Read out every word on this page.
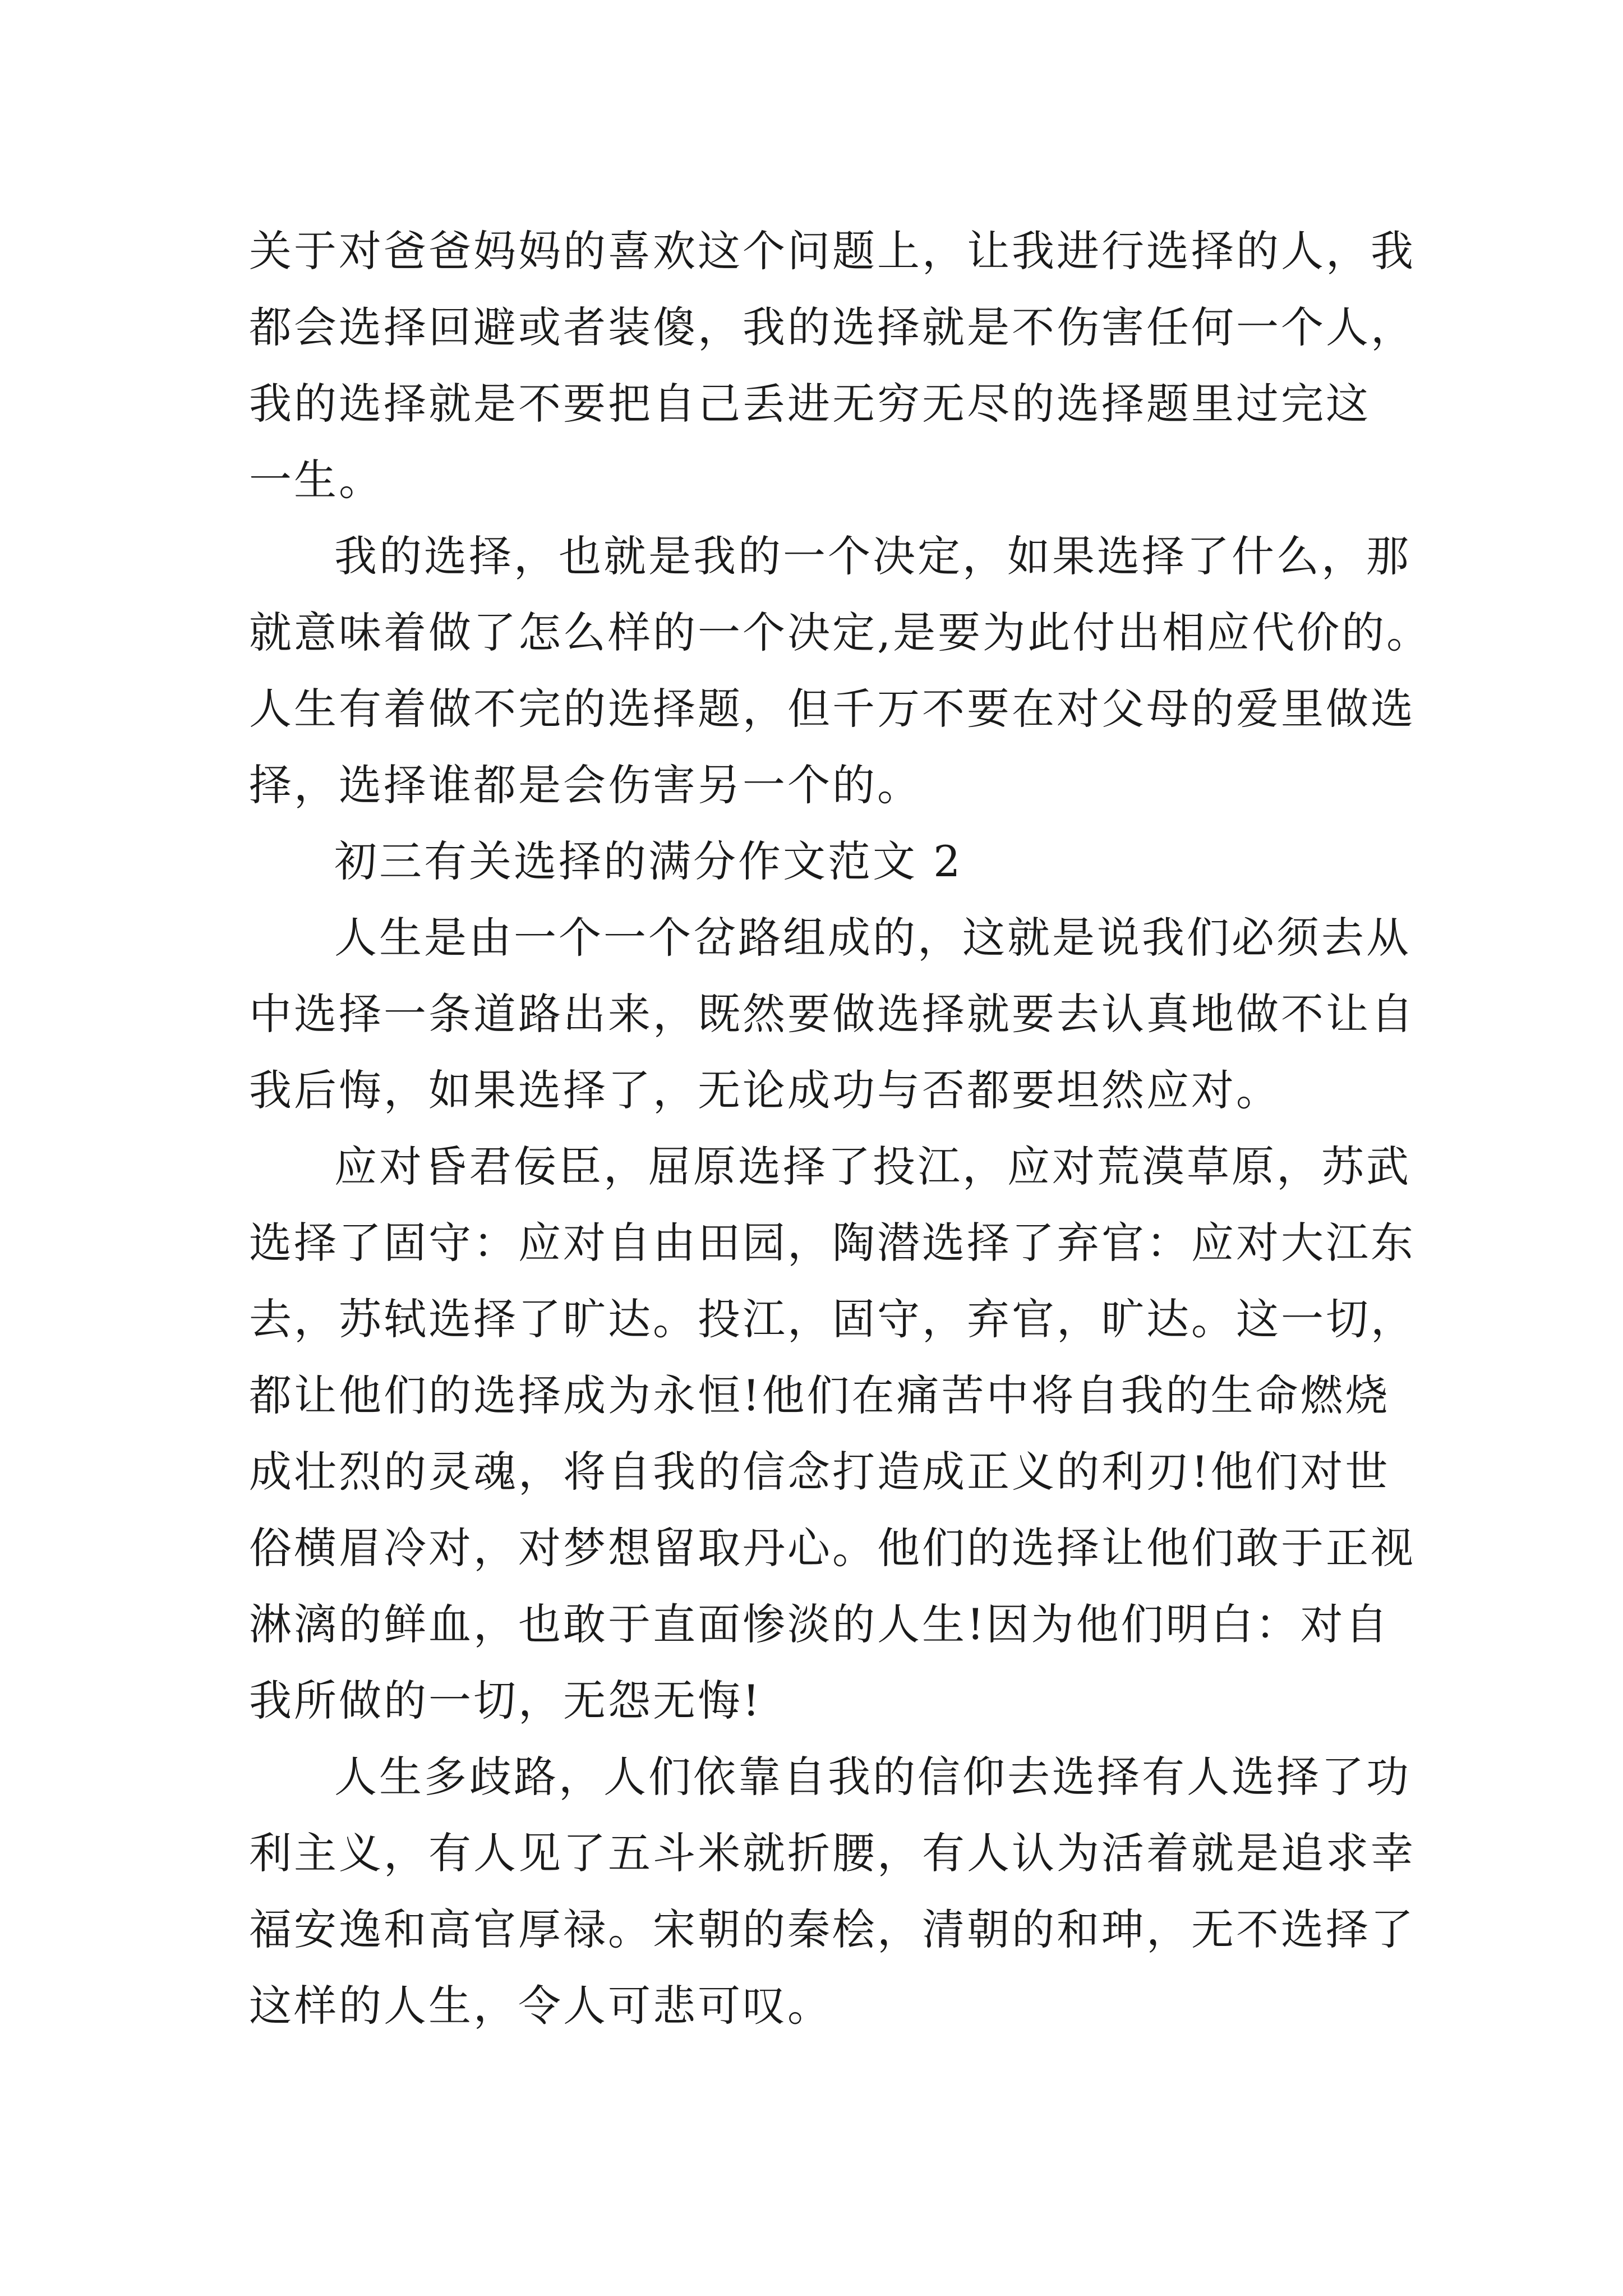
关于对爸爸妈妈的喜欢这个问题上，让我进行选择的人，我
都会选择回避或者装傻，我的选择就是不伤害任何一个人，
我的选择就是不要把自己丢进无穷无尽的选择题里过完这
一生。

我的选择，也就是我的一个决定，如果选择了什么，那
就意味着做了怎么样的一个决定,是要为此付出相应代价的。
人生有着做不完的选择题，但千万不要在对父母的爱里做选
择，选择谁都是会伤害另一个的。

初三有关选择的满分作文范文 2

人生是由一个一个岔路组成的，这就是说我们必须去从
中选择一条道路出来，既然要做选择就要去认真地做不让自
我后悔，如果选择了，无论成功与否都要坦然应对。

应对昏君佞臣，屈原选择了投江，应对荒漠草原，苏武
选择了固守：应对自由田园，陶潜选择了弃官：应对大江东
去，苏轼选择了旷达。投江，固守，弃官，旷达。这一切，
都让他们的选择成为永恒!他们在痛苦中将自我的生命燃烧
成壮烈的灵魂，将自我的信念打造成正义的利刃!他们对世
俗横眉冷对，对梦想留取丹心。他们的选择让他们敢于正视
淋漓的鲜血，也敢于直面惨淡的人生!因为他们明白：对自
我所做的一切，无怨无悔!

人生多歧路，人们依靠自我的信仰去选择有人选择了功
利主义，有人见了五斗米就折腰，有人认为活着就是追求幸
福安逸和高官厚禄。宋朝的秦桧，清朝的和珅，无不选择了
这样的人生，令人可悲可叹。
